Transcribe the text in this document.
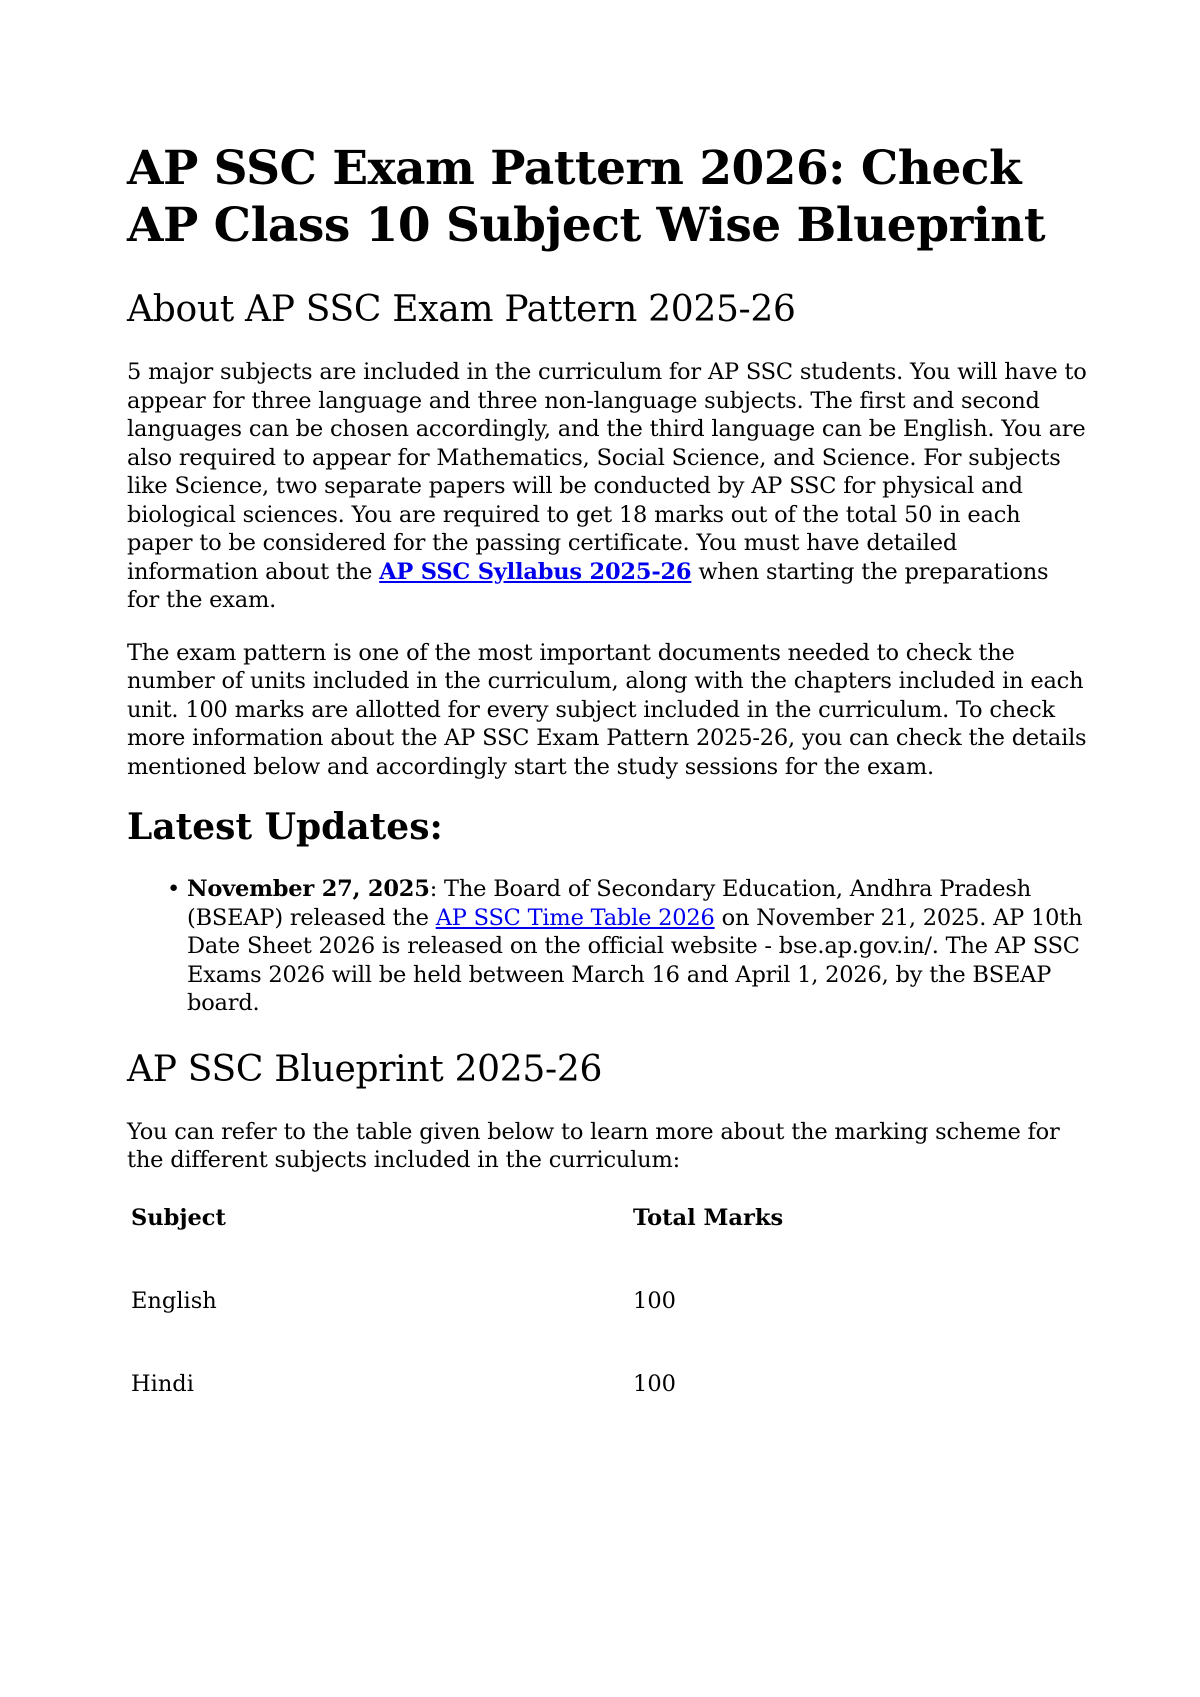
AP SSC Exam Pattern 2026: Check AP Class 10 Subject Wise Blueprint
About AP SSC Exam Pattern 2025-26

5 major subjects are included in the curriculum for AP SSC students. You will have to appear for three language and three non-language subjects. The first and second languages can be chosen accordingly, and the third language can be English. You are also required to appear for Mathematics, Social Science, and Science. For subjects like Science, two separate papers will be conducted by AP SSC for physical and biological sciences. You are required to get 18 marks out of the total 50 in each paper to be considered for the passing certificate. You must have detailed information about the AP SSC Syllabus 2025-26 when starting the preparations for the exam.

The exam pattern is one of the most important documents needed to check the number of units included in the curriculum, along with the chapters included in each unit. 100 marks are allotted for every subject included in the curriculum. To check more information about the AP SSC Exam Pattern 2025-26, you can check the details mentioned below and accordingly start the study sessions for the exam.

Latest Updates:
• November 27, 2025: The Board of Secondary Education, Andhra Pradesh (BSEAP) released the AP SSC Time Table 2026 on November 21, 2025. AP 10th Date Sheet 2026 is released on the official website - bse.ap.gov.in/. The AP SSC Exams 2026 will be held between March 16 and April 1, 2026, by the BSEAP board.
AP SSC Blueprint 2025-26

You can refer to the table given below to learn more about the marking scheme for the different subjects included in the curriculum:

Subject	Total Marks
English	100
Hindi	100
